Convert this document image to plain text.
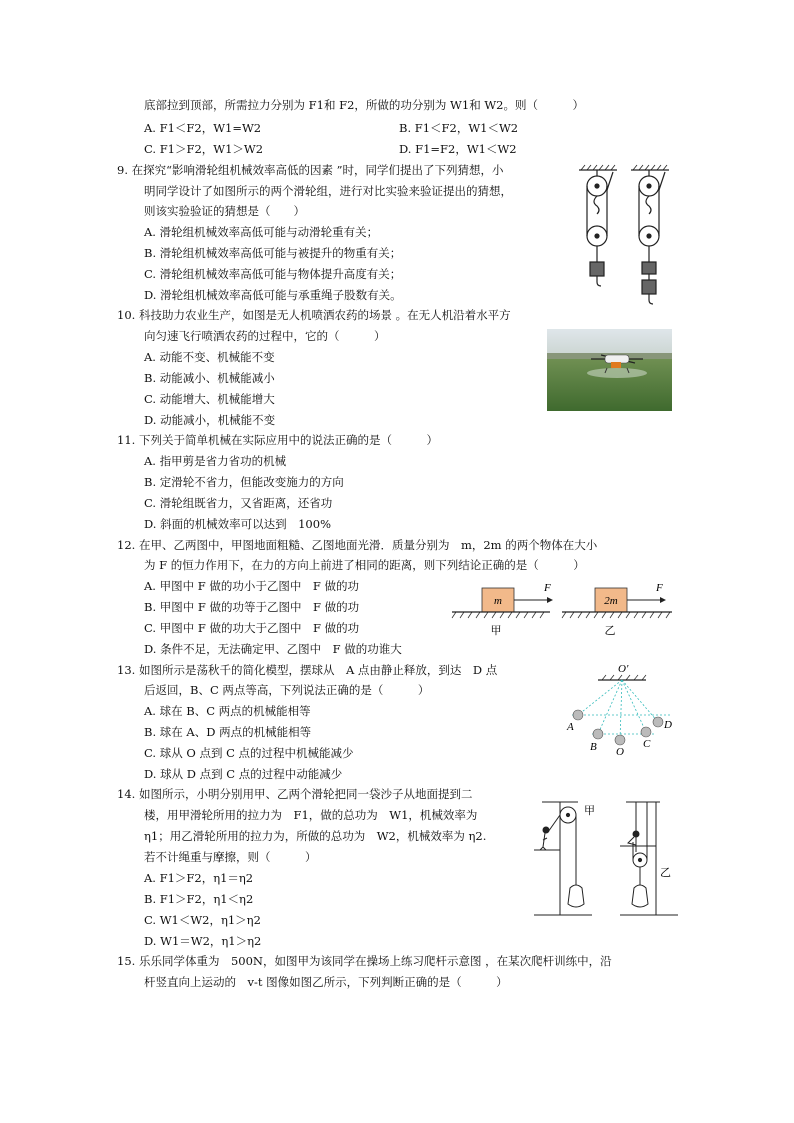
底部拉到顶部，所需拉力分别为 F1和 F2，所做的功分别为 W1和 W2。则（　　　）
A. F1＜F2，W1=W2	B. F1＜F2，W1＜W2
C. F1＞F2，W1＞W2	D. F1=F2，W1＜W2
9. 在探究“影响滑轮组机械效率高低的因素 ”时，同学们提出了下列猜想，小
明同学设计了如图所示的两个滑轮组，进行对比实验来验证提出的猜想，
则该实验验证的猜想是（　　）
A. 滑轮组机械效率高低可能与动滑轮重有关；
B. 滑轮组机械效率高低可能与被提升的物重有关；
C. 滑轮组机械效率高低可能与物体提升高度有关；
D. 滑轮组机械效率高低可能与承重绳子股数有关。
10. 科技助力农业生产，如图是无人机喷洒农药的场景 。在无人机沿着水平方
向匀速飞行喷洒农药的过程中，它的（　　　）
A. 动能不变、机械能不变
B. 动能减小、机械能减小
C. 动能增大、机械能增大
D. 动能减小，机械能不变
11. 下列关于简单机械在实际应用中的说法正确的是（　　　）
A. 指甲剪是省力省功的机械
B. 定滑轮不省力，但能改变施力的方向
C. 滑轮组既省力，又省距离，还省功
D. 斜面的机械效率可以达到　100%
12. 在甲、乙两图中，甲图地面粗糙、乙图地面光滑．质量分别为　m，2m 的两个物体在大小
为 F 的恒力作用下，在力的方向上前进了相同的距离，则下列结论正确的是（　　　）
A. 甲图中 F 做的功小于乙图中　F 做的功
B. 甲图中 F 做的功等于乙图中　F 做的功
C. 甲图中 F 做的功大于乙图中　F 做的功
D. 条件不足，无法确定甲、乙图中　F 做的功谁大
m
F
甲
2m
F
乙
13. 如图所示是荡秋千的简化模型，摆球从　A 点由静止释放，到达　D 点
后返回，B、C 两点等高，下列说法正确的是（　　　）
A. 球在 B、C 两点的机械能相等
B. 球在 A、D 两点的机械能相等
C. 球从 O 点到 C 点的过程中机械能减少
D. 球从 D 点到 C 点的过程中动能减少
O'
A
B O
C
D
14. 如图所示，小明分别用甲、乙两个滑轮把同一袋沙子从地面提到二
楼，用甲滑轮所用的拉力为　F1，做的总功为　W1，机械效率为
η1；用乙滑轮所用的拉力为，所做的总功为　W2，机械效率为 η2.
若不计绳重与摩擦，则（　　　）
A. F1＞F2，η1＝η2
B. F1＞F2，η1＜η2
C. W1＜W2，η1＞η2
D. W1＝W2，η1＞η2
甲
乙
15. 乐乐同学体重为　500N，如图甲为该同学在操场上练习爬杆示意图 ，在某次爬杆训练中，沿
杆竖直向上运动的　v-t 图像如图乙所示，下列判断正确的是（　　　）
